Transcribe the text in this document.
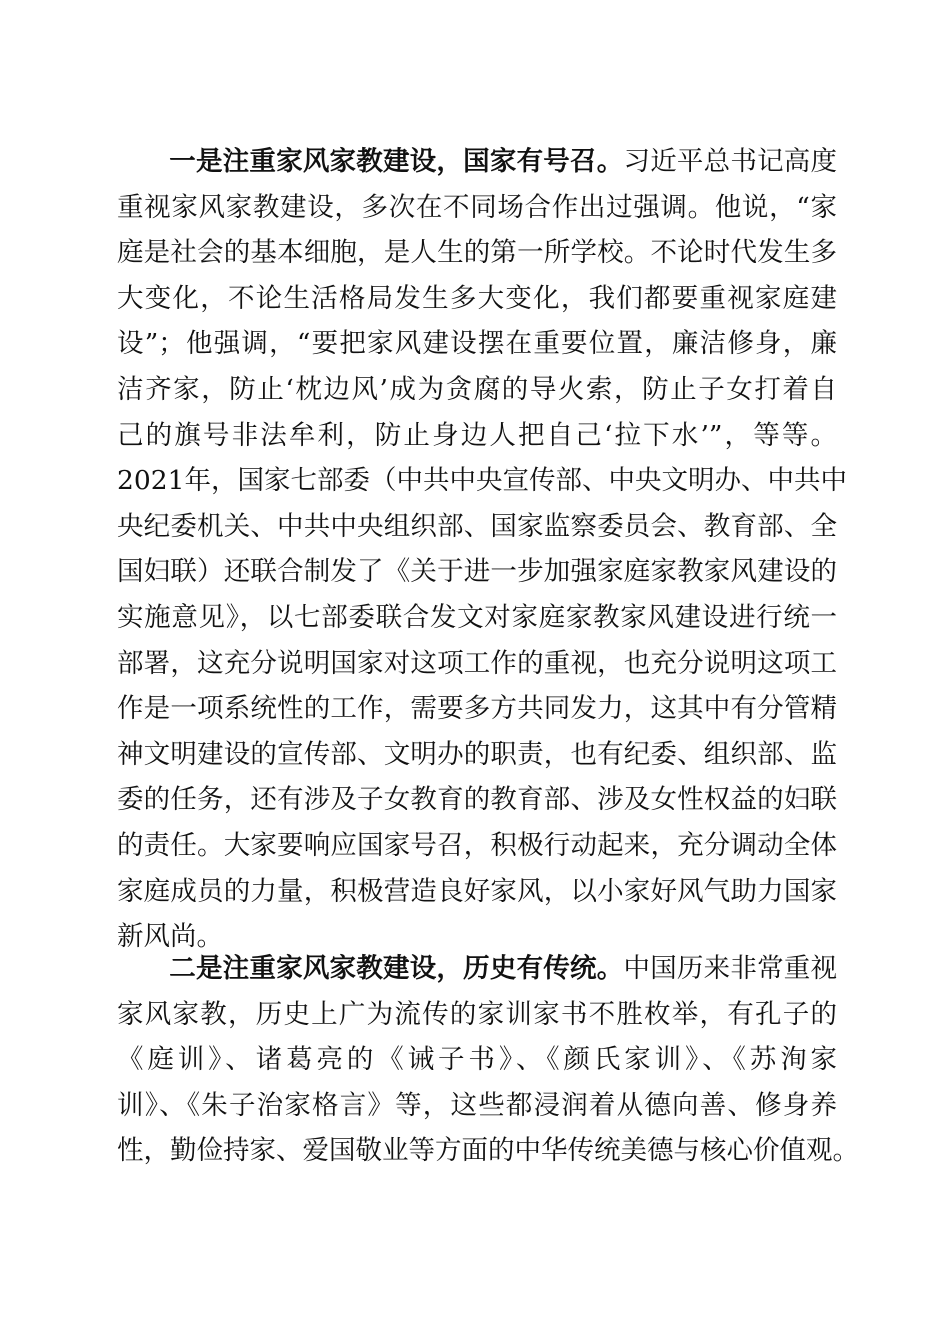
一是注重家风家教建设，国家有号召。习近平总书记高度
重视家风家教建设，多次在不同场合作出过强调。他说，“家
庭是社会的基本细胞，是人生的第一所学校。不论时代发生多
大变化，不论生活格局发生多大变化，我们都要重视家庭建
设”；他强调，“要把家风建设摆在重要位置，廉洁修身，廉
洁齐家，防止‘枕边风’成为贪腐的导火索，防止子女打着自
己的旗号非法牟利，防止身边人把自己‘拉下水’”，等等。
2021年，国家七部委（中共中央宣传部、中央文明办、中共中
央纪委机关、中共中央组织部、国家监察委员会、教育部、全
国妇联）还联合制发了《关于进一步加强家庭家教家风建设的
实施意见》，以七部委联合发文对家庭家教家风建设进行统一
部署，这充分说明国家对这项工作的重视，也充分说明这项工
作是一项系统性的工作，需要多方共同发力，这其中有分管精
神文明建设的宣传部、文明办的职责，也有纪委、组织部、监
委的任务，还有涉及子女教育的教育部、涉及女性权益的妇联
的责任。大家要响应国家号召，积极行动起来，充分调动全体
家庭成员的力量，积极营造良好家风，以小家好风气助力国家
新风尚。
二是注重家风家教建设，历史有传统。中国历来非常重视
家风家教，历史上广为流传的家训家书不胜枚举，有孔子的
《庭训》、诸葛亮的《诫子书》、《颜氏家训》、《苏洵家
训》、《朱子治家格言》等，这些都浸润着从德向善、修身养
性，勤俭持家、爱国敬业等方面的中华传统美德与核心价值观。
